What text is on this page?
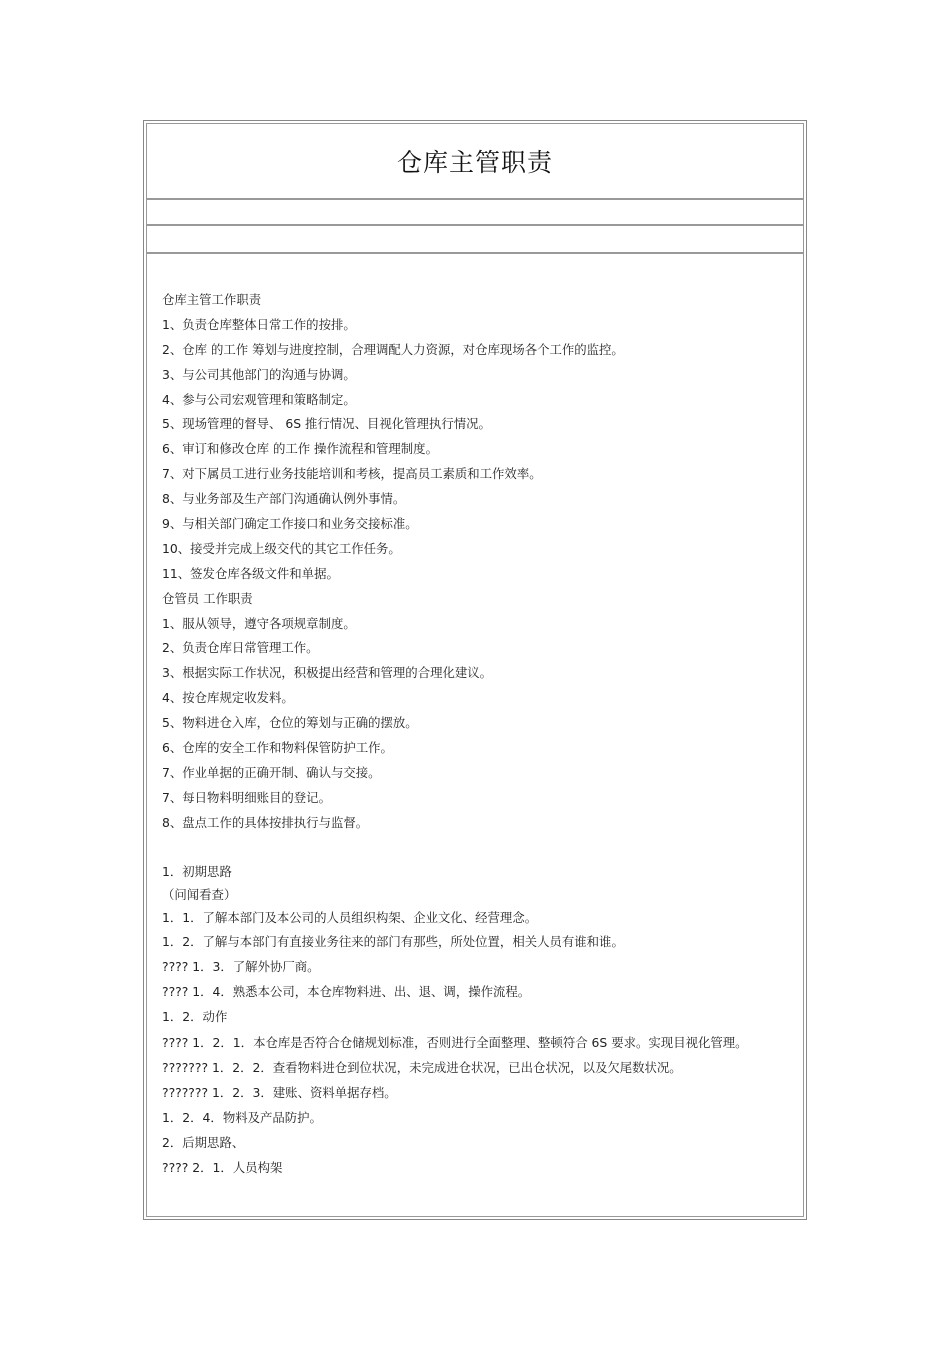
仓库主管职责
仓库主管工作职责
1、负责仓库整体日常工作的按排。
2、仓库 的工作 筹划与进度控制，合理调配人力资源，对仓库现场各个工作的监控。
3、与公司其他部门的沟通与协调。
4、参与公司宏观管理和策略制定。
5、现场管理的督导、 6S 推行情况、目视化管理执行情况。
6、审订和修改仓库 的工作 操作流程和管理制度。
7、对下属员工进行业务技能培训和考核，提高员工素质和工作效率。
8、与业务部及生产部门沟通确认例外事情。
9、与相关部门确定工作接口和业务交接标准。
10、接受并完成上级交代的其它工作任务。
11、签发仓库各级文件和单据。
仓管员 工作职责
1、服从领导，遵守各项规章制度。
2、负责仓库日常管理工作。
3、根据实际工作状况，积极提出经营和管理的合理化建议。
4、按仓库规定收发料。
5、物料进仓入库，仓位的筹划与正确的摆放。
6、仓库的安全工作和物料保管防护工作。
7、作业单据的正确开制、确认与交接。
7、每日物料明细账目的登记。
8、盘点工作的具体按排执行与监督。
1．初期思路
（问闻看查）
1．1．了解本部门及本公司的人员组织构架、企业文化、经营理念。
1．2．了解与本部门有直接业务往来的部门有那些，所处位置，相关人员有谁和谁。
???? 1．3．了解外协厂商。
???? 1．4．熟悉本公司，本仓库物料进、出、退、调，操作流程。
1．2．动作
???? 1．2．1．本仓库是否符合仓储规划标准，否则进行全面整理、整顿符合 6S 要求。实现目视化管理。
??????? 1．2．2．查看物料进仓到位状况，未完成进仓状况，已出仓状况，以及欠尾数状况。
??????? 1．2．3．建账、资料单据存档。
1．2．4．物料及产品防护。
2．后期思路、
???? 2．1．人员构架
